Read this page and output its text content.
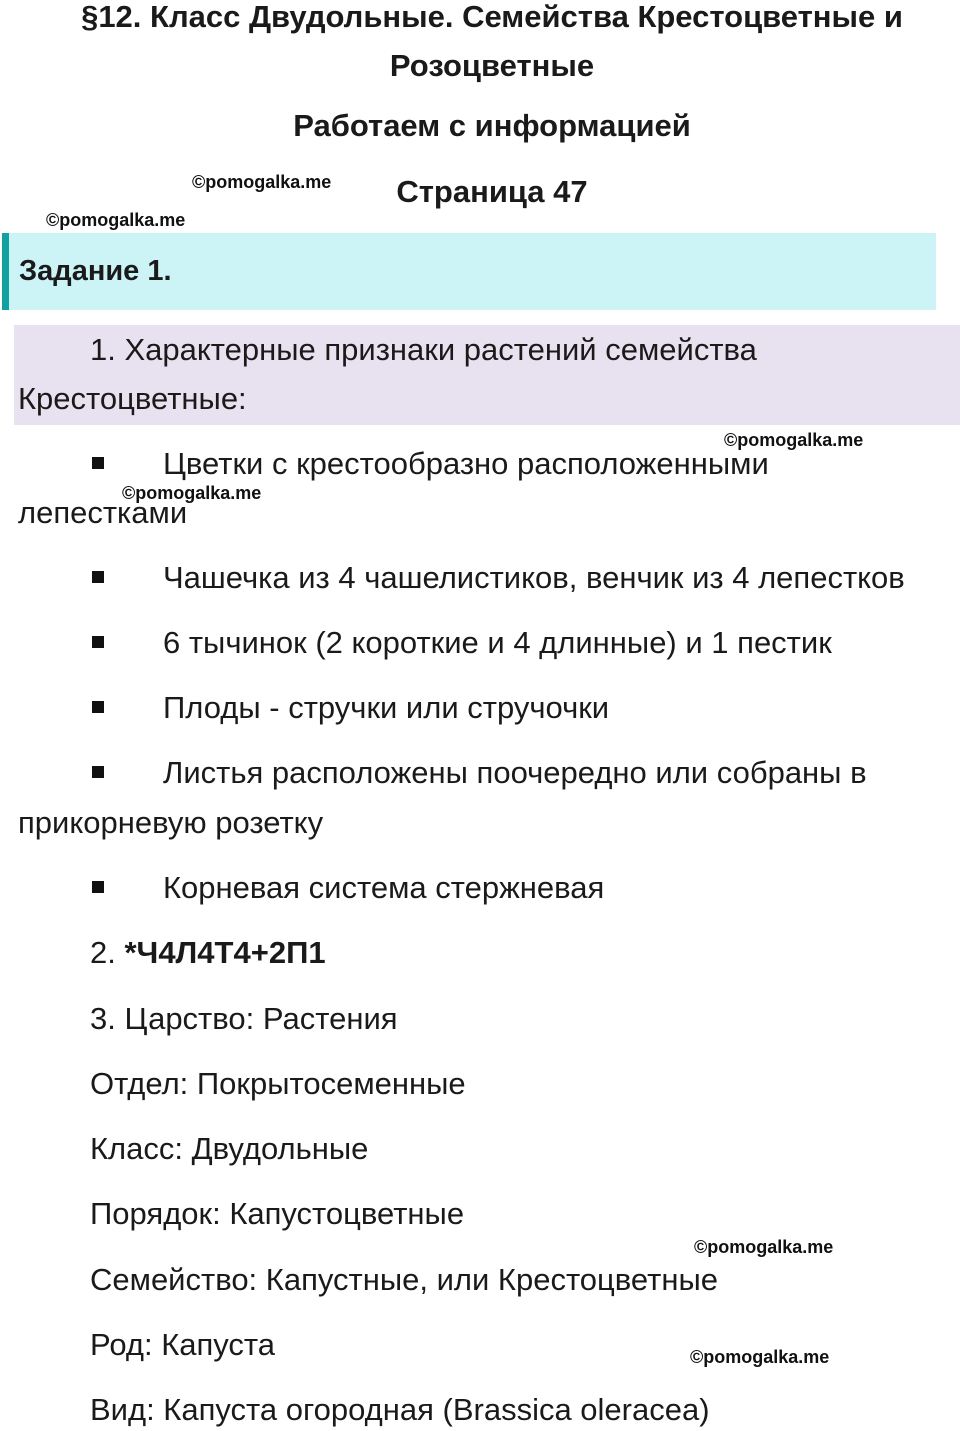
§12. Класс Двудольные. Семейства Крестоцветные и
Розоцветные
Работаем с информацией
Страница 47
©pomogalka.me
©pomogalka.me
Задание 1.
1. Характерные признаки растений семейства
Крестоцветные:
©pomogalka.me
Цветки с крестообразно расположенными
©pomogalka.me
лепестками
Чашечка из 4 чашелистиков, венчик из 4 лепестков
6 тычинок (2 короткие и 4 длинные) и 1 пестик
Плоды - стручки или стручочки
Листья расположены поочередно или собраны в
прикорневую розетку
Корневая система стержневая
2. *Ч4Л4Т4+2П1
3. Царство: Растения
Отдел: Покрытосеменные
Класс: Двудольные
Порядок: Капустоцветные
©pomogalka.me
Семейство: Капустные, или Крестоцветные
Род: Капуста	©pomogalka.me
Вид: Капуста огородная (Brassica oleracea)
